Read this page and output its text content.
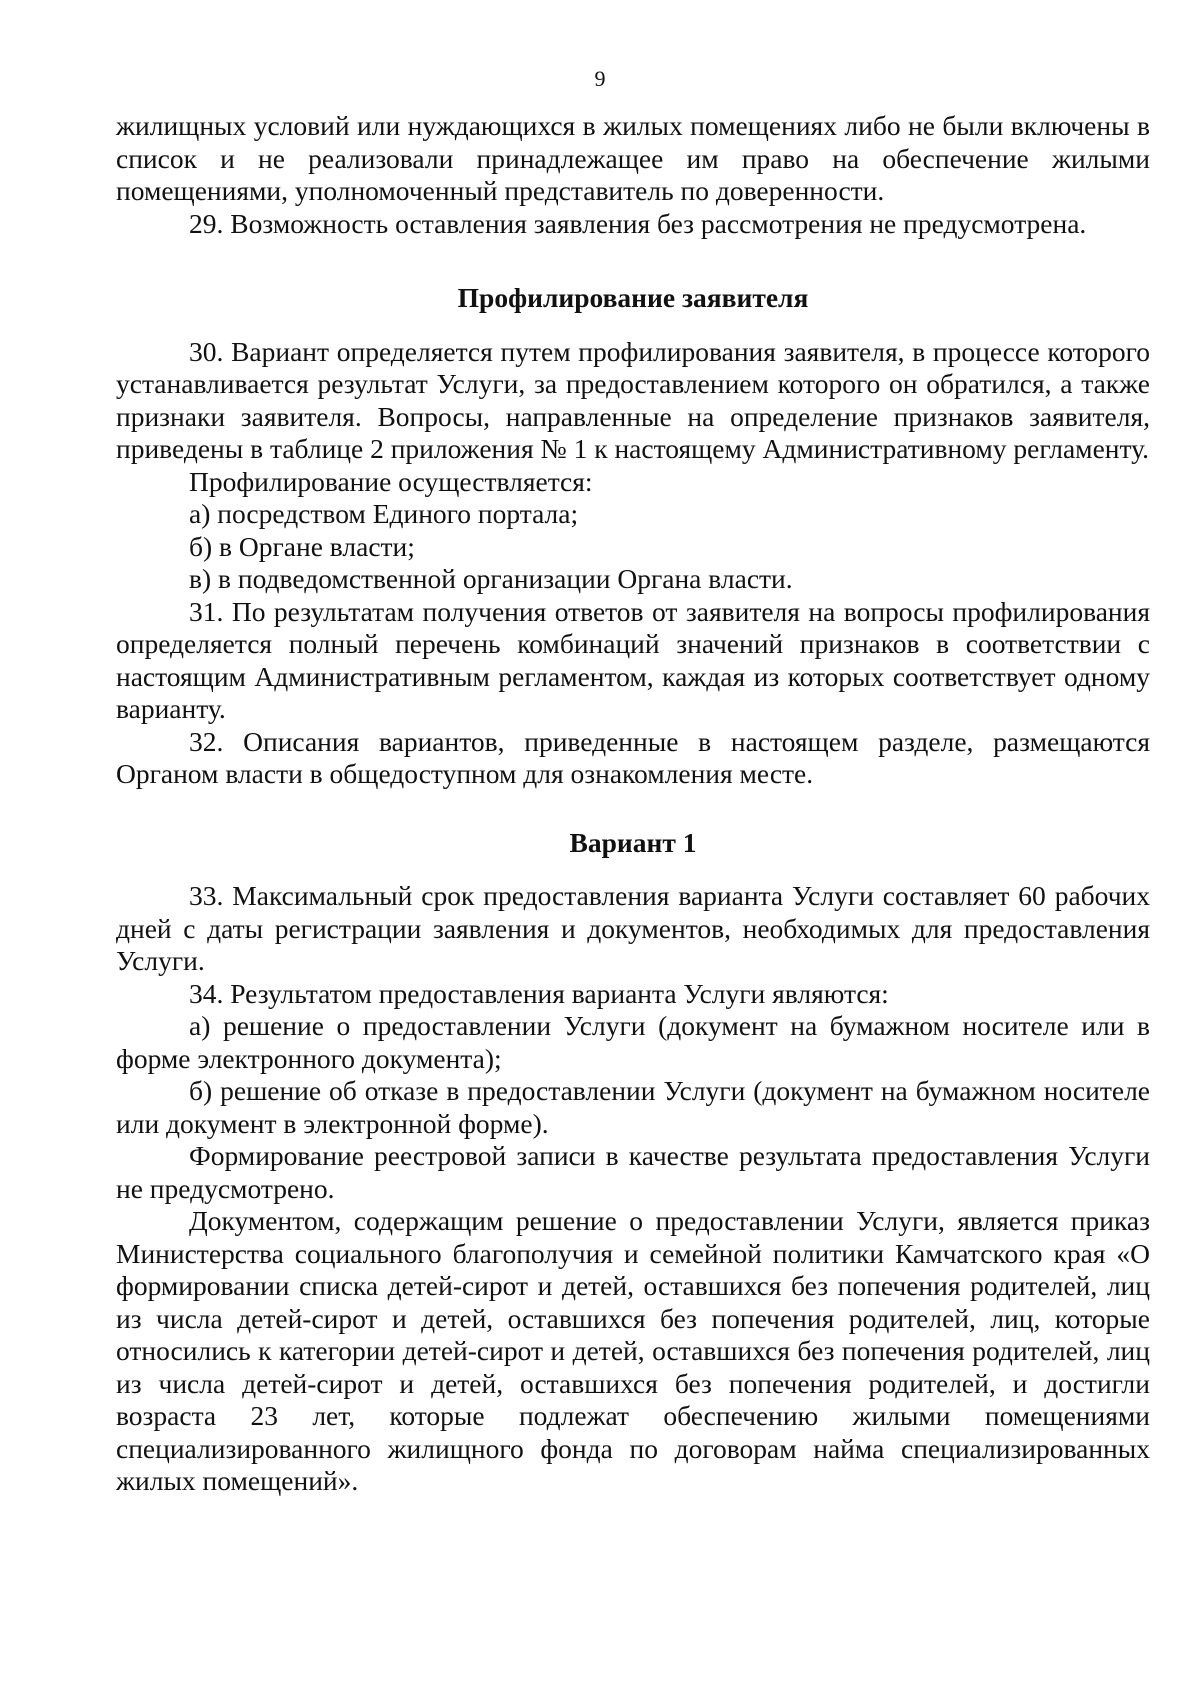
9

жилищных условий или нуждающихся в жилых помещениях либо не были включены в список и не реализовали принадлежащее им право на обеспечение жилыми помещениями, уполномоченный представитель по доверенности.

29. Возможность оставления заявления без рассмотрения не предусмотрена.

Профилирование заявителя

30. Вариант определяется путем профилирования заявителя, в процессе которого устанавливается результат Услуги, за предоставлением которого он обратился, а также признаки заявителя. Вопросы, направленные на определение признаков заявителя, приведены в таблице 2 приложения № 1 к настоящему Административному регламенту.

Профилирование осуществляется:

а) посредством Единого портала;

б) в Органе власти;

в) в подведомственной организации Органа власти.

31. По результатам получения ответов от заявителя на вопросы профилирования определяется полный перечень комбинаций значений признаков в соответствии с настоящим Административным регламентом, каждая из которых соответствует одному варианту.

32. Описания вариантов, приведенные в настоящем разделе, размещаются Органом власти в общедоступном для ознакомления месте.

Вариант 1

33. Максимальный срок предоставления варианта Услуги составляет 60 рабочих дней с даты регистрации заявления и документов, необходимых для предоставления Услуги.

34. Результатом предоставления варианта Услуги являются:

а) решение о предоставлении Услуги (документ на бумажном носителе или в форме электронного документа);

б) решение об отказе в предоставлении Услуги (документ на бумажном носителе или документ в электронной форме).

Формирование реестровой записи в качестве результата предоставления Услуги не предусмотрено.

Документом, содержащим решение о предоставлении Услуги, является приказ Министерства социального благополучия и семейной политики Камчатского края «О формировании списка детей-сирот и детей, оставшихся без попечения родителей, лиц из числа детей-сирот и детей, оставшихся без попечения родителей, лиц, которые относились к категории детей-сирот и детей, оставшихся без попечения родителей, лиц из числа детей-сирот и детей, оставшихся без попечения родителей, и достигли возраста 23 лет, которые подлежат обеспечению жилыми помещениями специализированного жилищного фонда по договорам найма специализированных жилых помещений».
